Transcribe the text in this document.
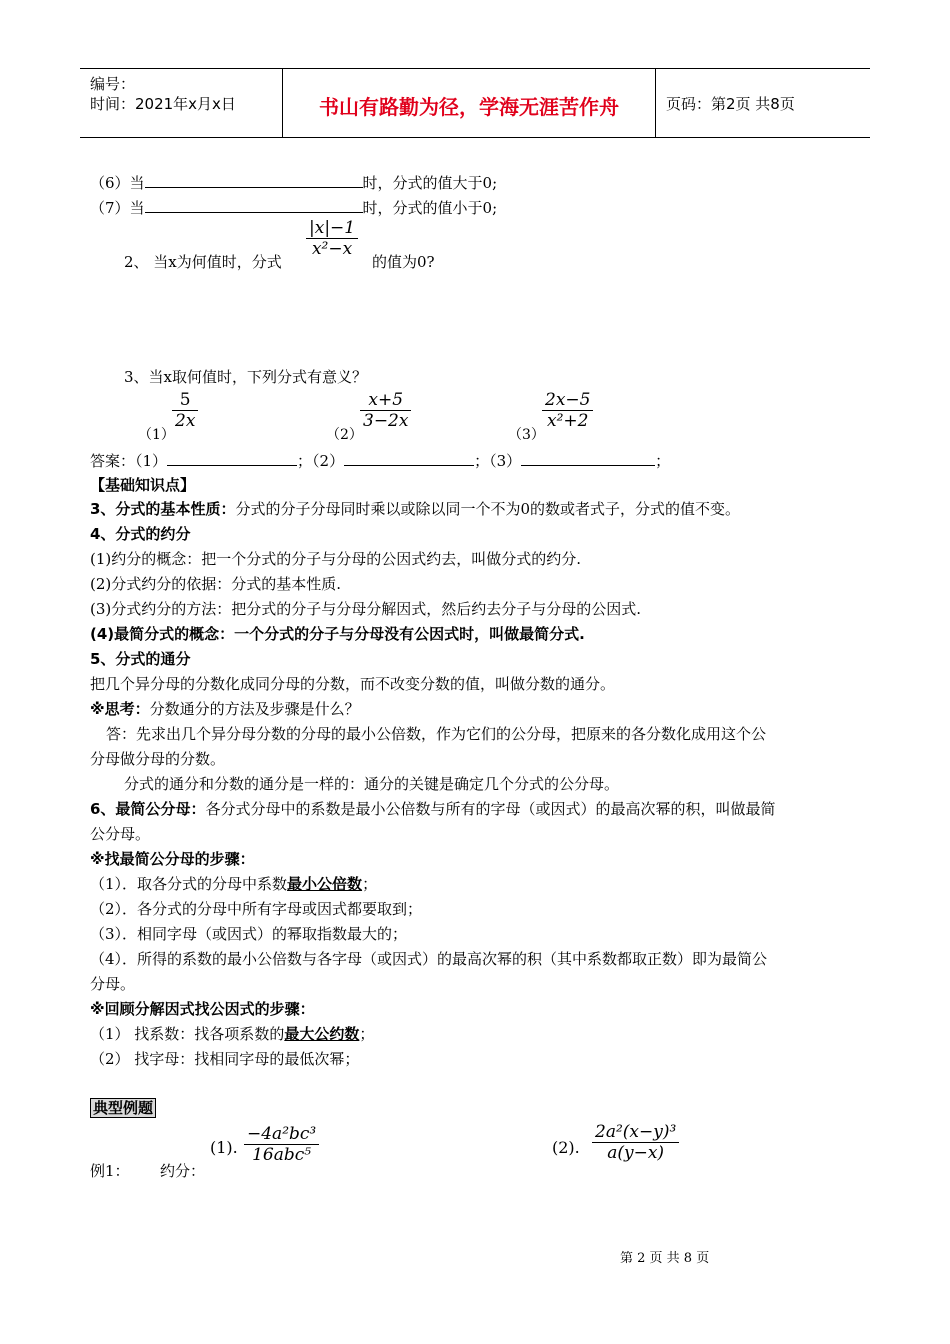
编号：
时间：2021年x月x日	书山有路勤为径，学海无涯苦作舟	页码：第2页 共8页
（6）当	时，分式的值大于0;
（7）当	时，分式的值小于0;
2、 当x为何值时，分式
$\frac{|x|-1}{\text{x²−x}}$
的值为0?
3、当x取何值时，下列分式有意义？
（1）
$\frac{5}{2x}$
（2）
$\frac{x+5}{3-2x}$
（3）
$\frac{2x-5}{\text{x²+2}}$
答案：（1）	；（2）	；（3）	；
【基础知识点】
3、分式的基本性质：分式的分子分母同时乘以或除以同一个不为0的数或者式子，分式的值不变。
4、分式的约分
(1)约分的概念：把一个分式的分子与分母的公因式约去，叫做分式的约分.
(2)分式约分的依据：分式的基本性质.
(3)分式约分的方法：把分式的分子与分母分解因式，然后约去分子与分母的公因式.
(4)最简分式的概念：一个分式的分子与分母没有公因式时，叫做最简分式.
5、分式的通分
把几个异分母的分数化成同分母的分数，而不改变分数的值，叫做分数的通分。
※思考：分数通分的方法及步骤是什么？
答：先求出几个异分母分数的分母的最小公倍数，作为它们的公分母，把原来的各分数化成用这个公
分母做分母的分数。
分式的通分和分数的通分是一样的：通分的关键是确定几个分式的公分母。
6、最简公分母：各分式分母中的系数是最小公倍数与所有的字母（或因式）的最高次幂的积，叫做最简
公分母。
※找最简公分母的步骤：
（1）．取各分式的分母中系数最小公倍数；
（2）．各分式的分母中所有字母或因式都要取到；
（3）．相同字母（或因式）的幂取指数最大的；
（4）．所得的系数的最小公倍数与各字母（或因式）的最高次幂的积（其中系数都取正数）即为最简公
分母。
※回顾分解因式找公因式的步骤：
（1） 找系数：找各项系数的最大公约数；
（2） 找字母：找相同字母的最低次幂；
典型例题
例1： 约分：
(1).
−4a²bc³
16abc⁵	(2). $\frac{\text{2a²(x−y)³}}{a(y-x)}$
第 2 页 共 8 页
